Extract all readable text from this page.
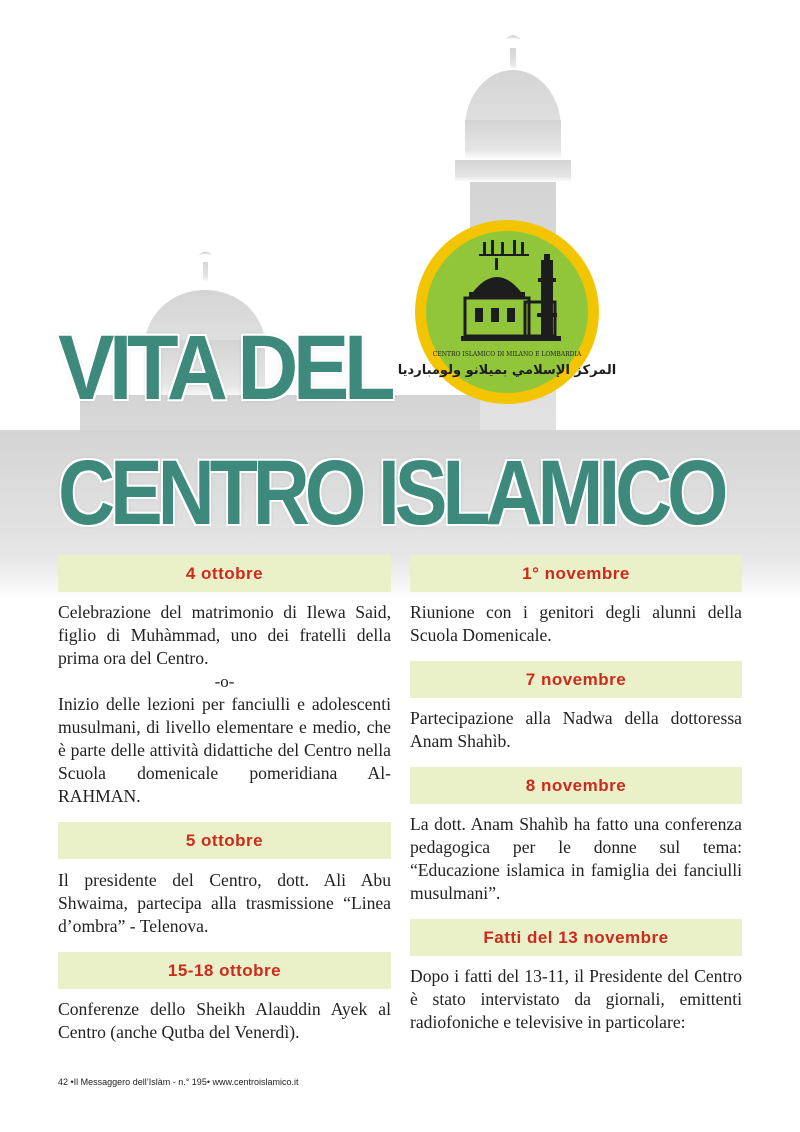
المركز الإسلامي بميلانو ولومبارديا
CENTRO ISLAMICO DI MILANO E LOMBARDIA
VITA DEL
CENTRO ISLAMICO
4 ottobre

Celebrazione del matrimonio di Ilewa Said, figlio di Muhàmmad, uno dei fratelli della prima ora del Centro.

-o-

Inizio delle lezioni per fanciulli e adolescenti musulmani, di livello elementare e medio, che è parte delle attività didattiche del Centro nella Scuola domenicale pomeridiana Al-RAHMAN.

5 ottobre

Il presidente del Centro, dott. Ali Abu Shwaima, partecipa alla trasmissione “Linea d’ombra” - Telenova.

15-18 ottobre

Conferenze dello Sheikh Alauddin Ayek al Centro (anche Qutba del Venerdì).

1° novembre

Riunione con i genitori degli alunni della Scuola Domenicale.

7 novembre

Partecipazione alla Nadwa della dottoressa Anam Shahìb.

8 novembre

La dott. Anam Shahìb ha fatto una conferenza pedagogica per le donne sul tema: “Educazione islamica in famiglia dei fanciulli musulmani”.

Fatti del 13 novembre

Dopo i fatti del 13-11, il Presidente del Centro è stato intervistato da giornali, emittenti radiofoniche e televisive in particolare:

42 •Il Messaggero dell’Islàm - n.° 195• www.centroislamico.it
